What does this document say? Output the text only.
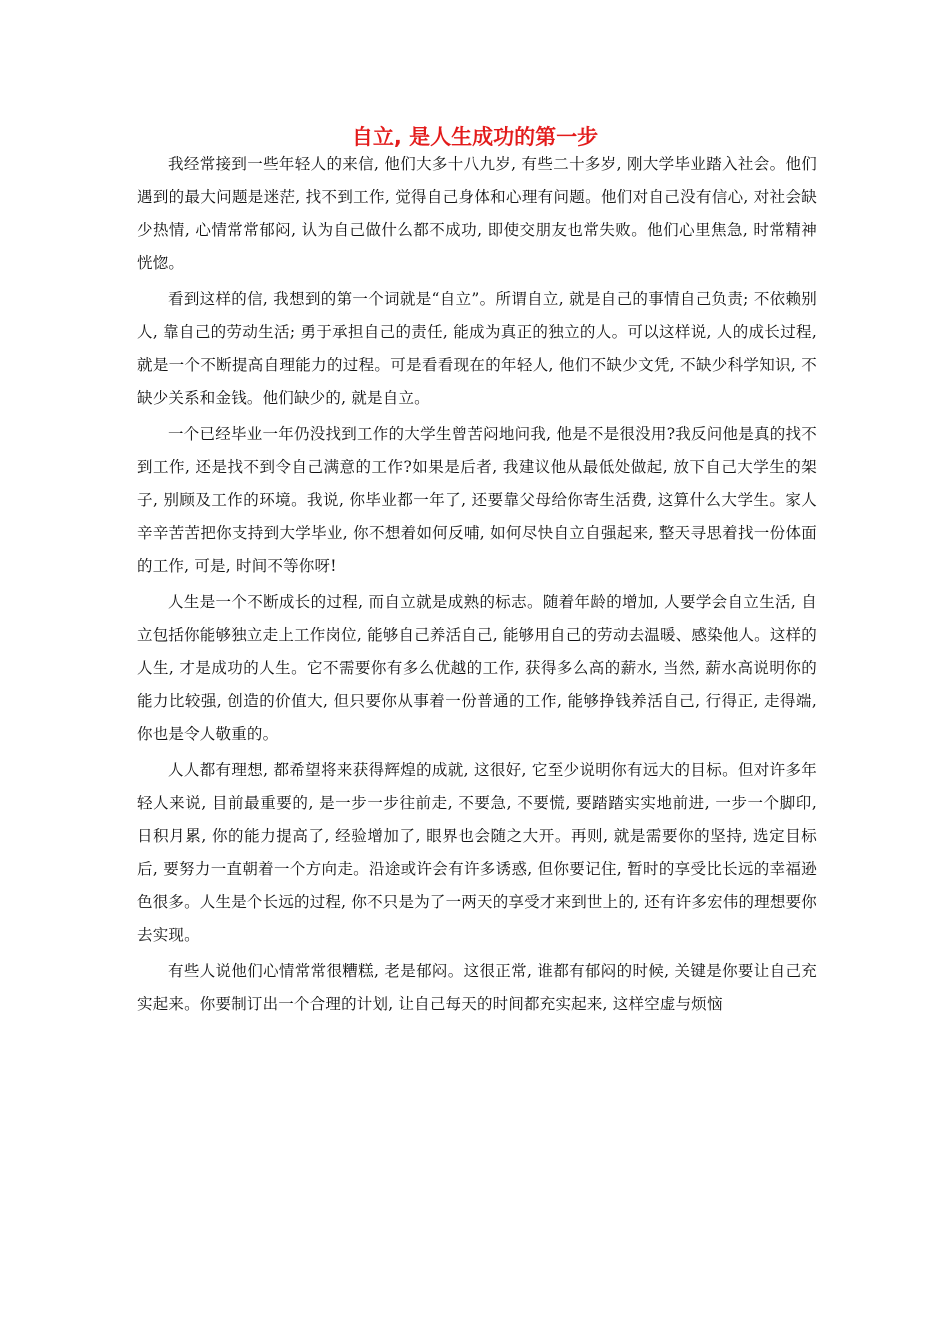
自立, 是人生成功的第一步

我经常接到一些年轻人的来信, 他们大多十八九岁, 有些二十多岁, 刚大学毕业踏入社会。他们遇到的最大问题是迷茫, 找不到工作, 觉得自己身体和心理有问题。他们对自己没有信心, 对社会缺少热情, 心情常常郁闷, 认为自己做什么都不成功, 即使交朋友也常失败。他们心里焦急, 时常精神恍惚。

看到这样的信, 我想到的第一个词就是“自立”。所谓自立, 就是自己的事情自己负责; 不依赖别人, 靠自己的劳动生活; 勇于承担自己的责任, 能成为真正的独立的人。可以这样说, 人的成长过程, 就是一个不断提高自理能力的过程。可是看看现在的年轻人, 他们不缺少文凭, 不缺少科学知识, 不缺少关系和金钱。他们缺少的, 就是自立。

一个已经毕业一年仍没找到工作的大学生曾苦闷地问我, 他是不是很没用?我反问他是真的找不到工作, 还是找不到令自己满意的工作?如果是后者, 我建议他从最低处做起, 放下自己大学生的架子, 别顾及工作的环境。我说, 你毕业都一年了, 还要靠父母给你寄生活费, 这算什么大学生。家人辛辛苦苦把你支持到大学毕业, 你不想着如何反哺, 如何尽快自立自强起来, 整天寻思着找一份体面的工作, 可是, 时间不等你呀!

人生是一个不断成长的过程, 而自立就是成熟的标志。随着年龄的增加, 人要学会自立生活, 自立包括你能够独立走上工作岗位, 能够自己养活自己, 能够用自己的劳动去温暖、感染他人。这样的人生, 才是成功的人生。它不需要你有多么优越的工作, 获得多么高的薪水, 当然, 薪水高说明你的能力比较强, 创造的价值大, 但只要你从事着一份普通的工作, 能够挣钱养活自己, 行得正, 走得端, 你也是令人敬重的。

人人都有理想, 都希望将来获得辉煌的成就, 这很好, 它至少说明你有远大的目标。但对许多年轻人来说, 目前最重要的, 是一步一步往前走, 不要急, 不要慌, 要踏踏实实地前进, 一步一个脚印, 日积月累, 你的能力提高了, 经验增加了, 眼界也会随之大开。再则, 就是需要你的坚持, 选定目标后, 要努力一直朝着一个方向走。沿途或许会有许多诱惑, 但你要记住, 暂时的享受比长远的幸福逊色很多。人生是个长远的过程, 你不只是为了一两天的享受才来到世上的, 还有许多宏伟的理想要你去实现。

有些人说他们心情常常很糟糕, 老是郁闷。这很正常, 谁都有郁闷的时候, 关键是你要让自己充实起来。你要制订出一个合理的计划, 让自己每天的时间都充实起来, 这样空虚与烦恼
